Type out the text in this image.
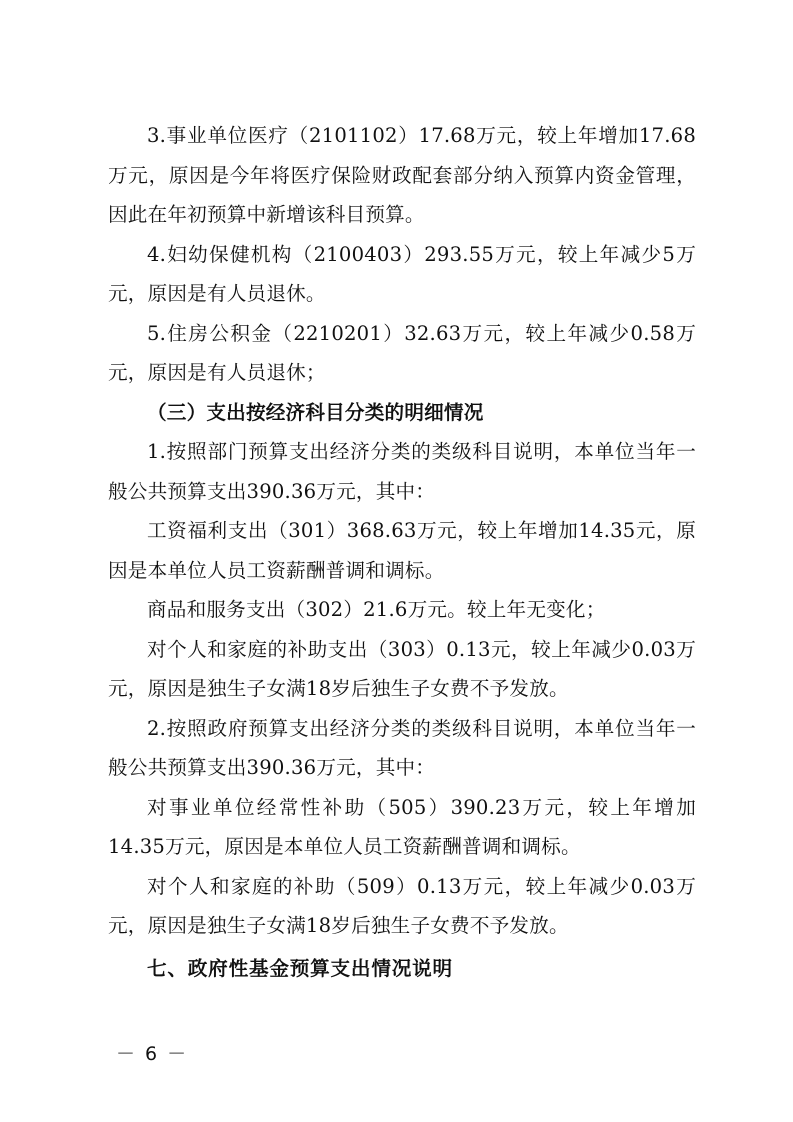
3.事业单位医疗（2101102）17.68万元，较上年增加17.68万元，原因是今年将医疗保险财政配套部分纳入预算内资金管理，因此在年初预算中新增该科目预算。

4.妇幼保健机构（2100403）293.55万元，较上年减少5万元，原因是有人员退休。

5.住房公积金（2210201）32.63万元，较上年减少0.58万元，原因是有人员退休；

（三）支出按经济科目分类的明细情况

1.按照部门预算支出经济分类的类级科目说明，本单位当年一般公共预算支出390.36万元，其中：

工资福利支出（301）368.63万元，较上年增加14.35元，原因是本单位人员工资薪酬普调和调标。

商品和服务支出（302）21.6万元。较上年无变化；

对个人和家庭的补助支出（303）0.13元，较上年减少0.03万元，原因是独生子女满18岁后独生子女费不予发放。

2.按照政府预算支出经济分类的类级科目说明，本单位当年一般公共预算支出390.36万元，其中：

对事业单位经常性补助（505）390.23万元，较上年增加14.35万元，原因是本单位人员工资薪酬普调和调标。

对个人和家庭的补助（509）0.13万元，较上年减少0.03万元，原因是独生子女满18岁后独生子女费不予发放。

七、政府性基金预算支出情况说明

－ 6 －
